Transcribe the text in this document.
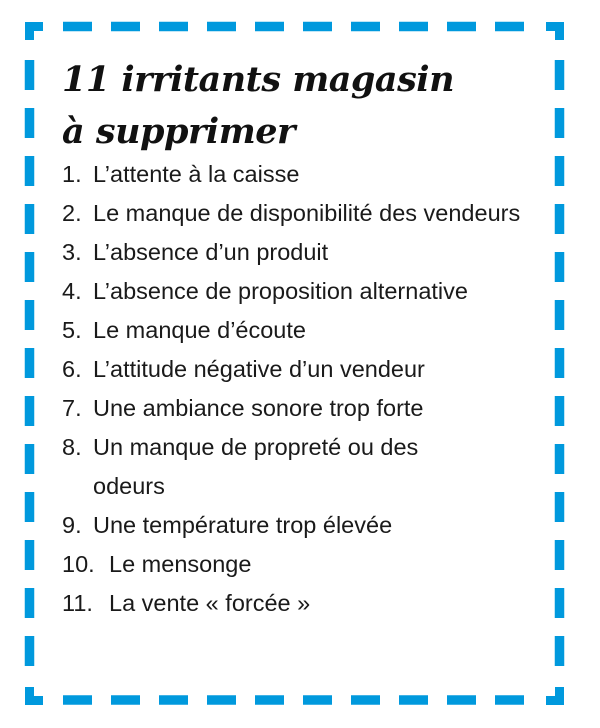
11 irritants magasin
à supprimer
1. L’attente à la caisse
2. Le manque de disponibilité des vendeurs
3. L’absence d’un produit
4. L’absence de proposition alternative
5. Le manque d’écoute
6. L’attitude négative d’un vendeur
7. Une ambiance sonore trop forte
8. Un manque de propreté ou des odeurs
9. Une température trop élevée
10. Le mensonge
11. La vente « forcée »
